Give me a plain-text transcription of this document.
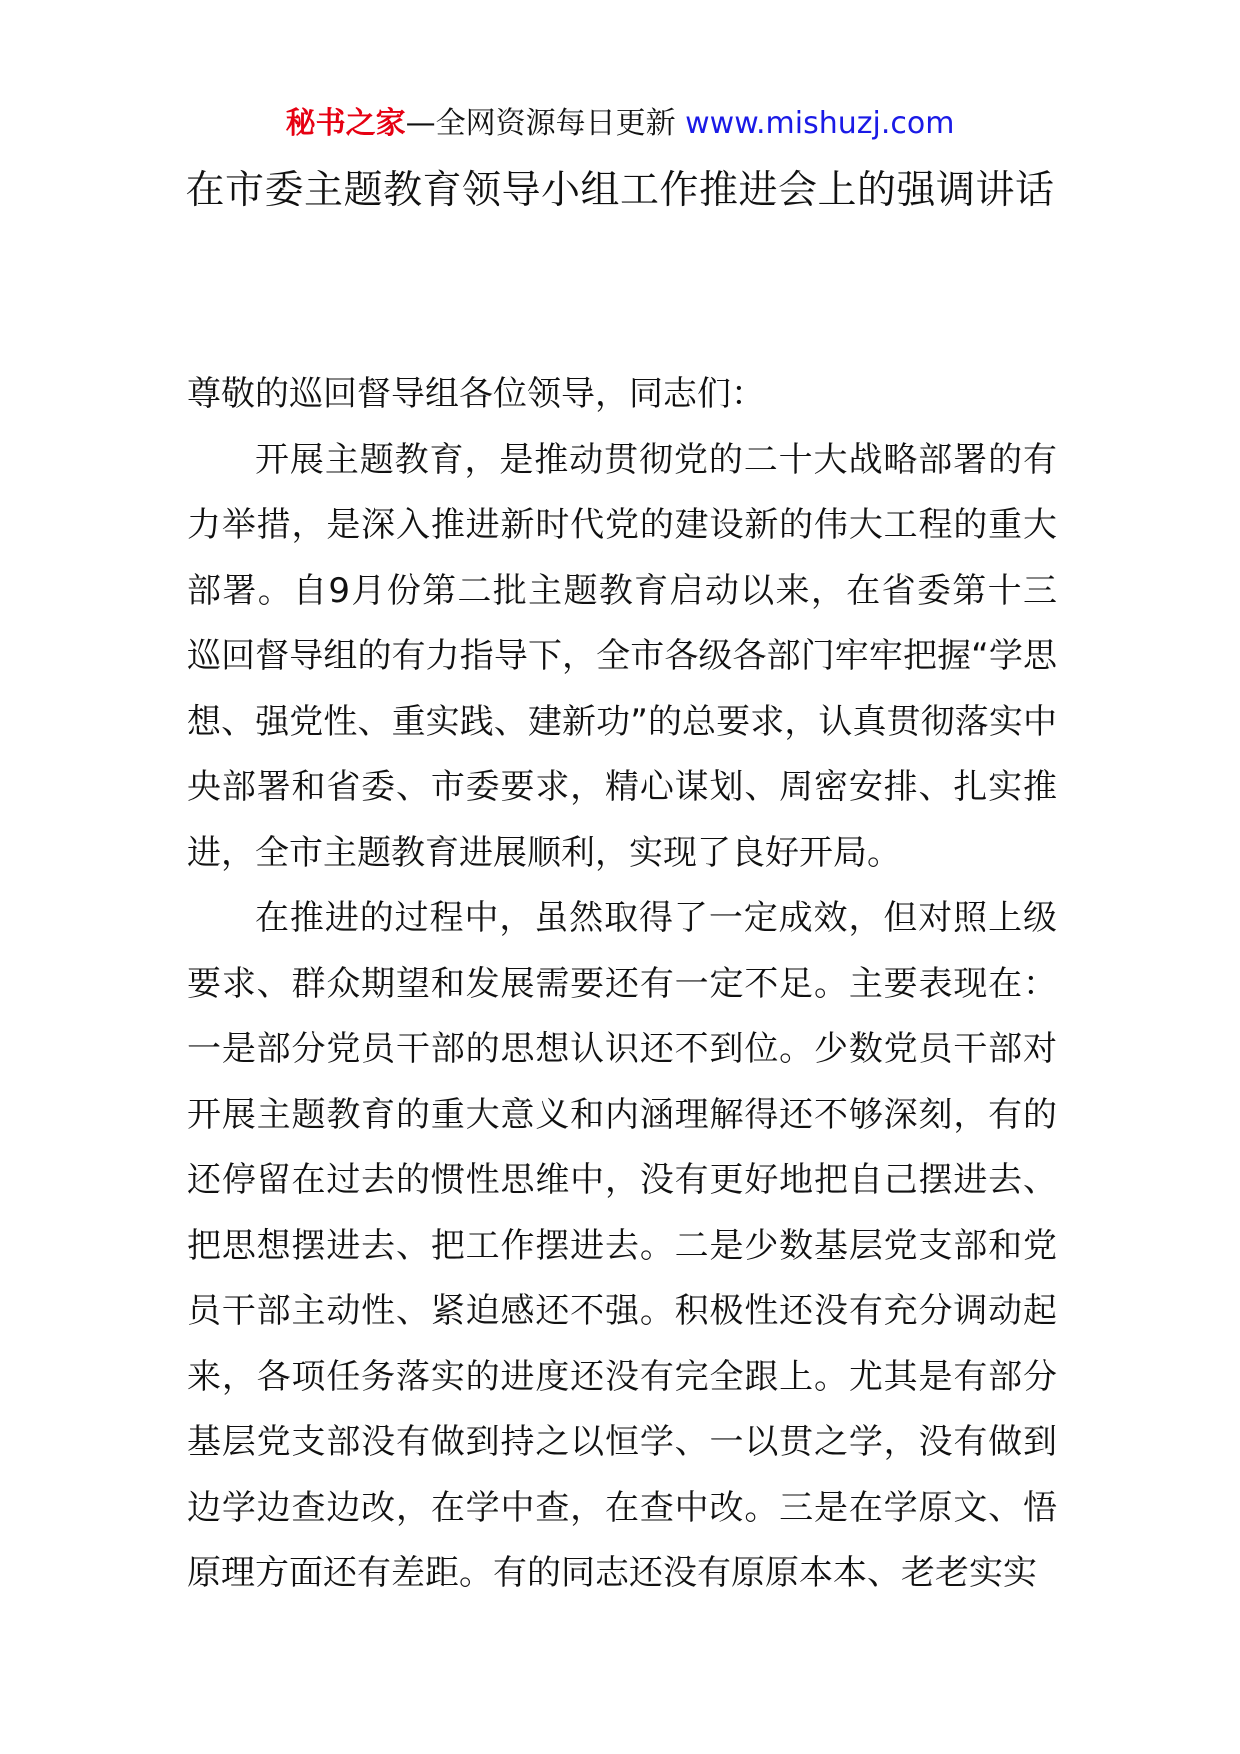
秘书之家—全网资源每日更新 www.mishuzj.com
在市委主题教育领导小组工作推进会上的强调讲话

尊敬的巡回督导组各位领导，同志们：

开展主题教育，是推动贯彻党的二十大战略部署的有力举措，是深入推进新时代党的建设新的伟大工程的重大部署。自9月份第二批主题教育启动以来，在省委第十三巡回督导组的有力指导下，全市各级各部门牢牢把握“学思想、强党性、重实践、建新功”的总要求，认真贯彻落实中央部署和省委、市委要求，精心谋划、周密安排、扎实推进，全市主题教育进展顺利，实现了良好开局。

在推进的过程中，虽然取得了一定成效，但对照上级要求、群众期望和发展需要还有一定不足。主要表现在：一是部分党员干部的思想认识还不到位。少数党员干部对开展主题教育的重大意义和内涵理解得还不够深刻，有的还停留在过去的惯性思维中，没有更好地把自己摆进去、把思想摆进去、把工作摆进去。二是少数基层党支部和党员干部主动性、紧迫感还不强。积极性还没有充分调动起来，各项任务落实的进度还没有完全跟上。尤其是有部分基层党支部没有做到持之以恒学、一以贯之学，没有做到边学边查边改，在学中查，在查中改。三是在学原文、悟原理方面还有差距。有的同志还没有原原本本、老老实实
